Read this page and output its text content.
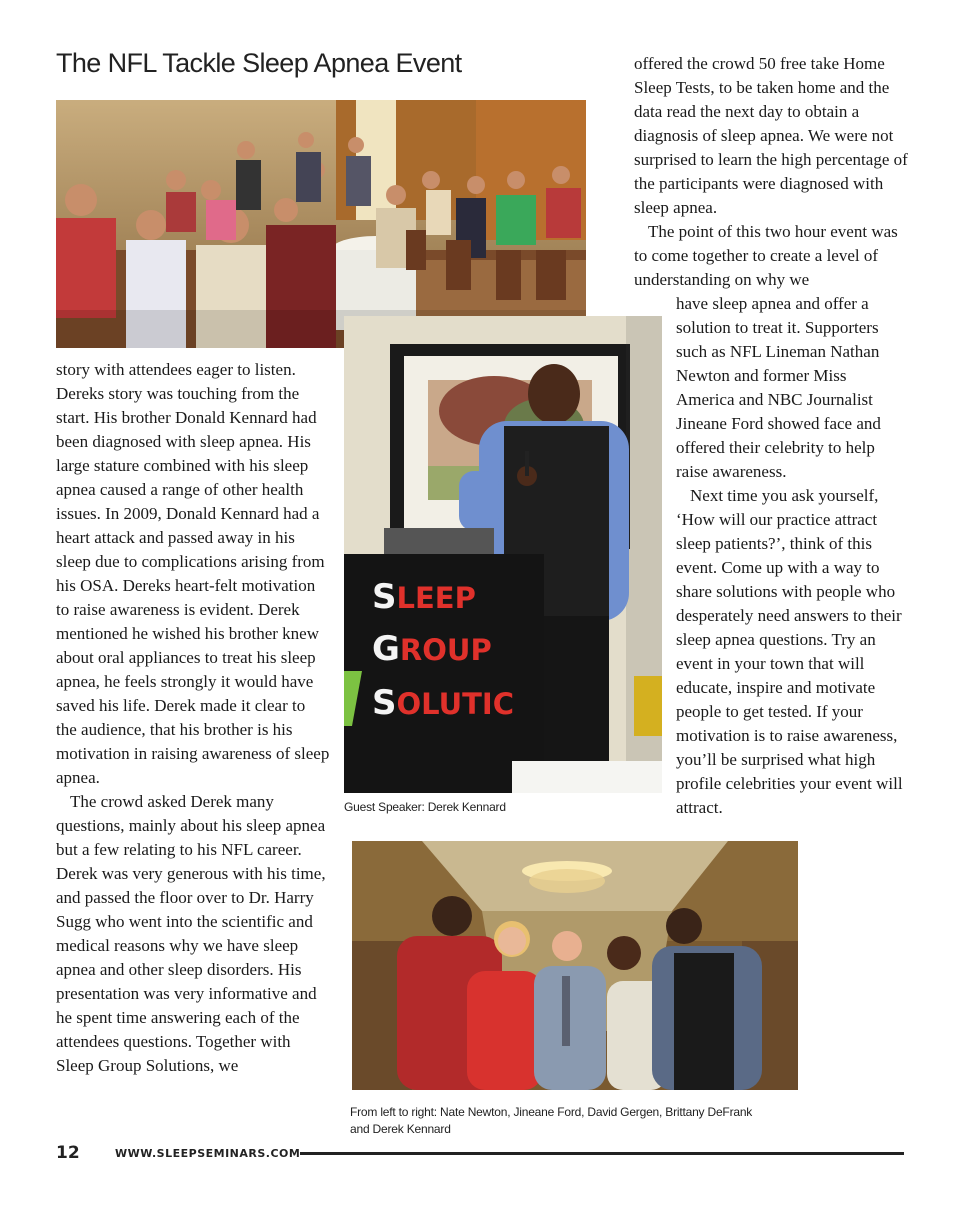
The NFL Tackle Sleep Apnea Event
SLEEP
GROUP
SOLUTIC
Guest Speaker: Derek Kennard
From left to right: Nate Newton, Jineane Ford, David Gergen, Brittany DeFrank and Derek Kennard

story with attendees eager to listen. Dereks story was touching from the start. His brother Donald Kennard had been diagnosed with sleep apnea. His large stature combined with his sleep apnea caused a range of other health issues. In 2009, Donald Kennard had a heart attack and passed away in his sleep due to complications arising from his OSA. Dereks heart-felt motivation to raise awareness is evident. Derek mentioned he wished his brother knew about oral appliances to treat his sleep apnea, he feels strongly it would have saved his life. Derek made it clear to the audience, that his brother is his motivation in raising awareness of sleep apnea.

The crowd asked Derek many questions, mainly about his sleep apnea but a few relating to his NFL career. Derek was very generous with his time, and passed the floor over to Dr. Harry Sugg who went into the scientific and medical reasons why we have sleep apnea and other sleep disorders. His presentation was very informative and he spent time answering each of the attendees questions. Together with Sleep Group Solutions, we

offered the crowd 50 free take Home Sleep Tests, to be taken home and the data read the next day to obtain a diagnosis of sleep apnea. We were not surprised to learn the high percentage of the participants were diagnosed with sleep apnea.

The point of this two hour event was to come together to create a level of understanding on why we

have sleep apnea and offer a solution to treat it. Supporters such as NFL Lineman Nathan Newton and former Miss America and NBC Journalist Jineane Ford showed face and offered their celebrity to help raise awareness.

Next time you ask yourself, ‘How will our practice attract sleep patients?’, think of this event. Come up with a way to share solutions with people who desperately need answers to their sleep apnea questions. Try an event in your town that will educate, inspire and motivate people to get tested. If your motivation is to raise awareness, you’ll be surprised what high profile celebrities your event will attract.

12	WWW.SLEEPSEMINARS.COM
